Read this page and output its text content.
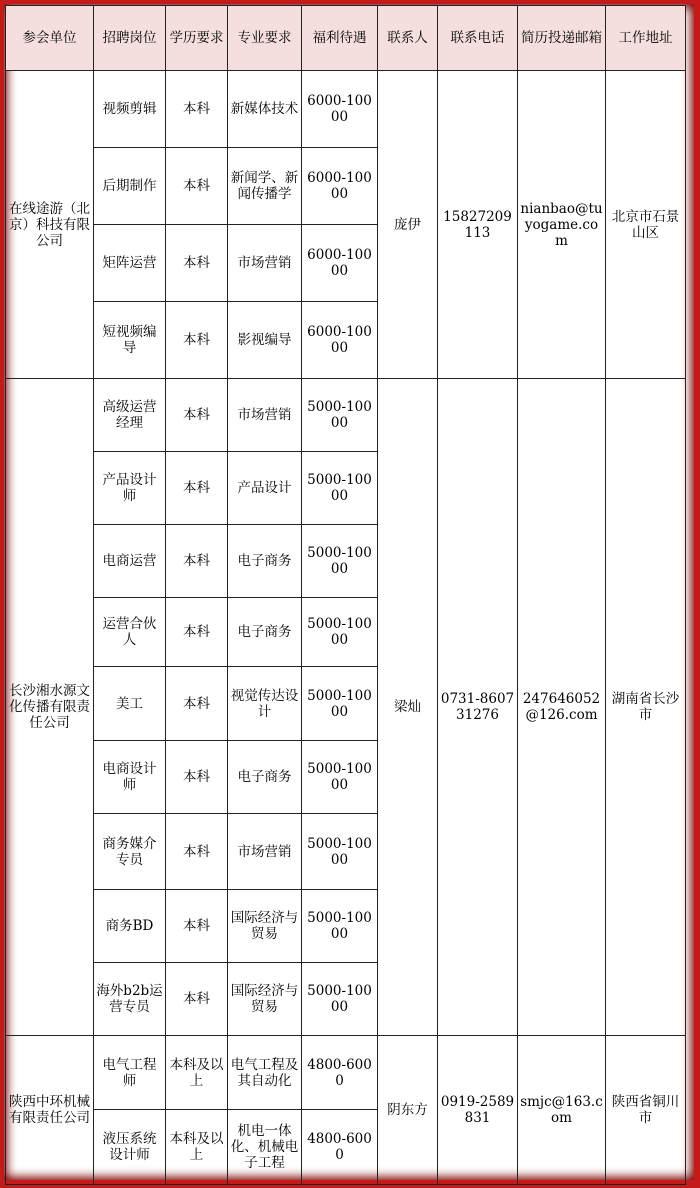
参会单位	招聘岗位	学历要求	专业要求	福利待遇	联系人	联系电话	简历投递邮箱	工作地址
在线途游（北京）科技有限公司	视频剪辑	本科	新媒体技术	6000-10000	庞伊	15827209113	nianbao@tuyogame.com	北京市石景山区
	后期制作	本科	新闻学、新闻传播学	6000-10000				
	矩阵运营	本科	市场营销	6000-10000				
	短视频编导	本科	影视编导	6000-10000				
长沙湘水源文化传播有限责任公司	高级运营经理	本科	市场营销	5000-10000	梁灿	0731-860731276	247646052@126.com	湖南省长沙市
	产品设计师	本科	产品设计	5000-10000				
	电商运营	本科	电子商务	5000-10000				
	运营合伙人	本科	电子商务	5000-10000				
	美工	本科	视觉传达设计	5000-10000				
	电商设计师	本科	电子商务	5000-10000				
	商务媒介专员	本科	市场营销	5000-10000				
	商务BD	本科	国际经济与贸易	5000-10000				
	海外b2b运营专员	本科	国际经济与贸易	5000-10000				
陕西中环机械有限责任公司	电气工程师	本科及以上	电气工程及其自动化	4800-6000	阴东方	0919-2589831	smjc@163.com	陕西省铜川市
	液压系统设计师	本科及以上	机电一体化、机械电子工程	4800-6000				
